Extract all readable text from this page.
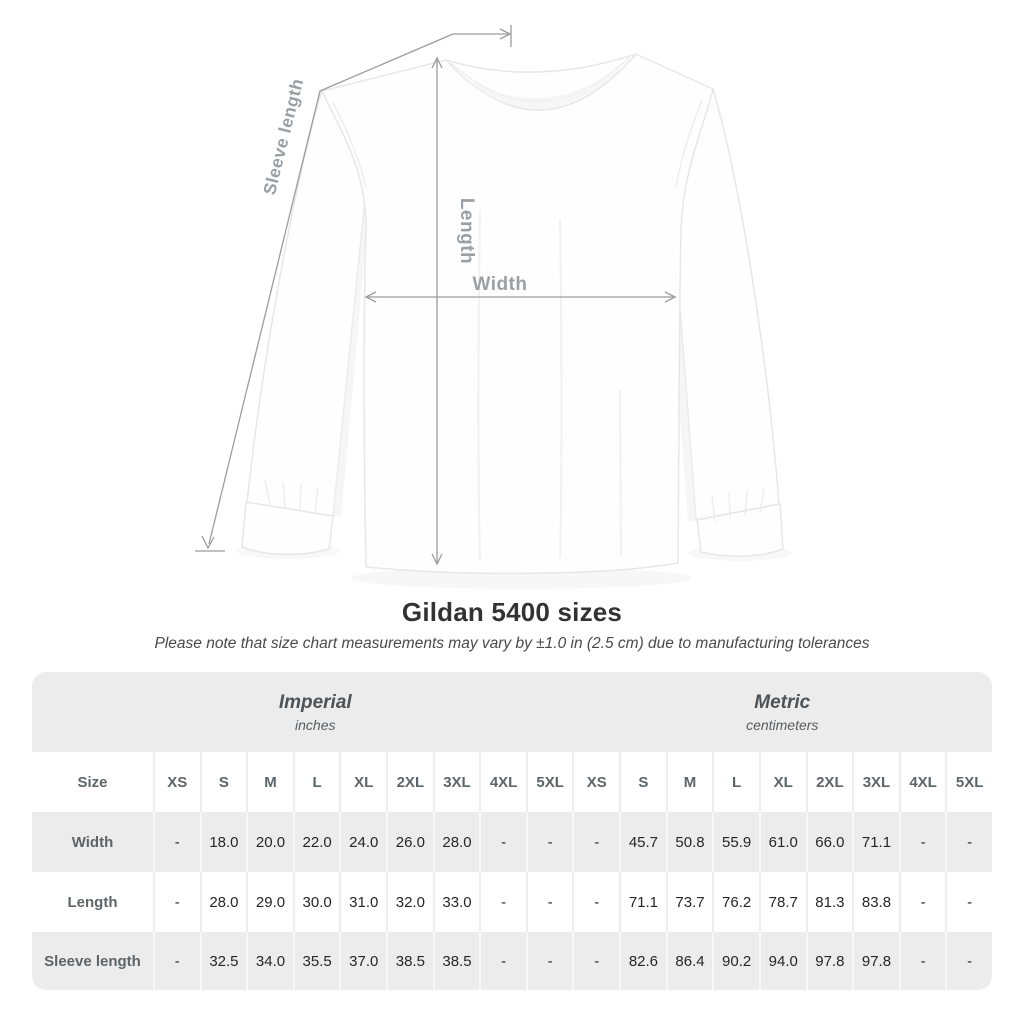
Sleeve length
Length
Width
Gildan 5400 sizes

Please note that size chart measurements may vary by ±1.0 in (2.5 cm) due to manufacturing tolerances

Imperial
inches
Metric
centimeters
Size	XS	S	M	L	XL	2XL	3XL	4XL	5XL	XS	S	M	L	XL	2XL	3XL	4XL	5XL
Width	-	18.0	20.0	22.0	24.0	26.0	28.0	-	-	-	45.7	50.8	55.9	61.0	66.0	71.1	-	-
Length	-	28.0	29.0	30.0	31.0	32.0	33.0	-	-	-	71.1	73.7	76.2	78.7	81.3	83.8	-	-
Sleeve length	-	32.5	34.0	35.5	37.0	38.5	38.5	-	-	-	82.6	86.4	90.2	94.0	97.8	97.8	-	-
